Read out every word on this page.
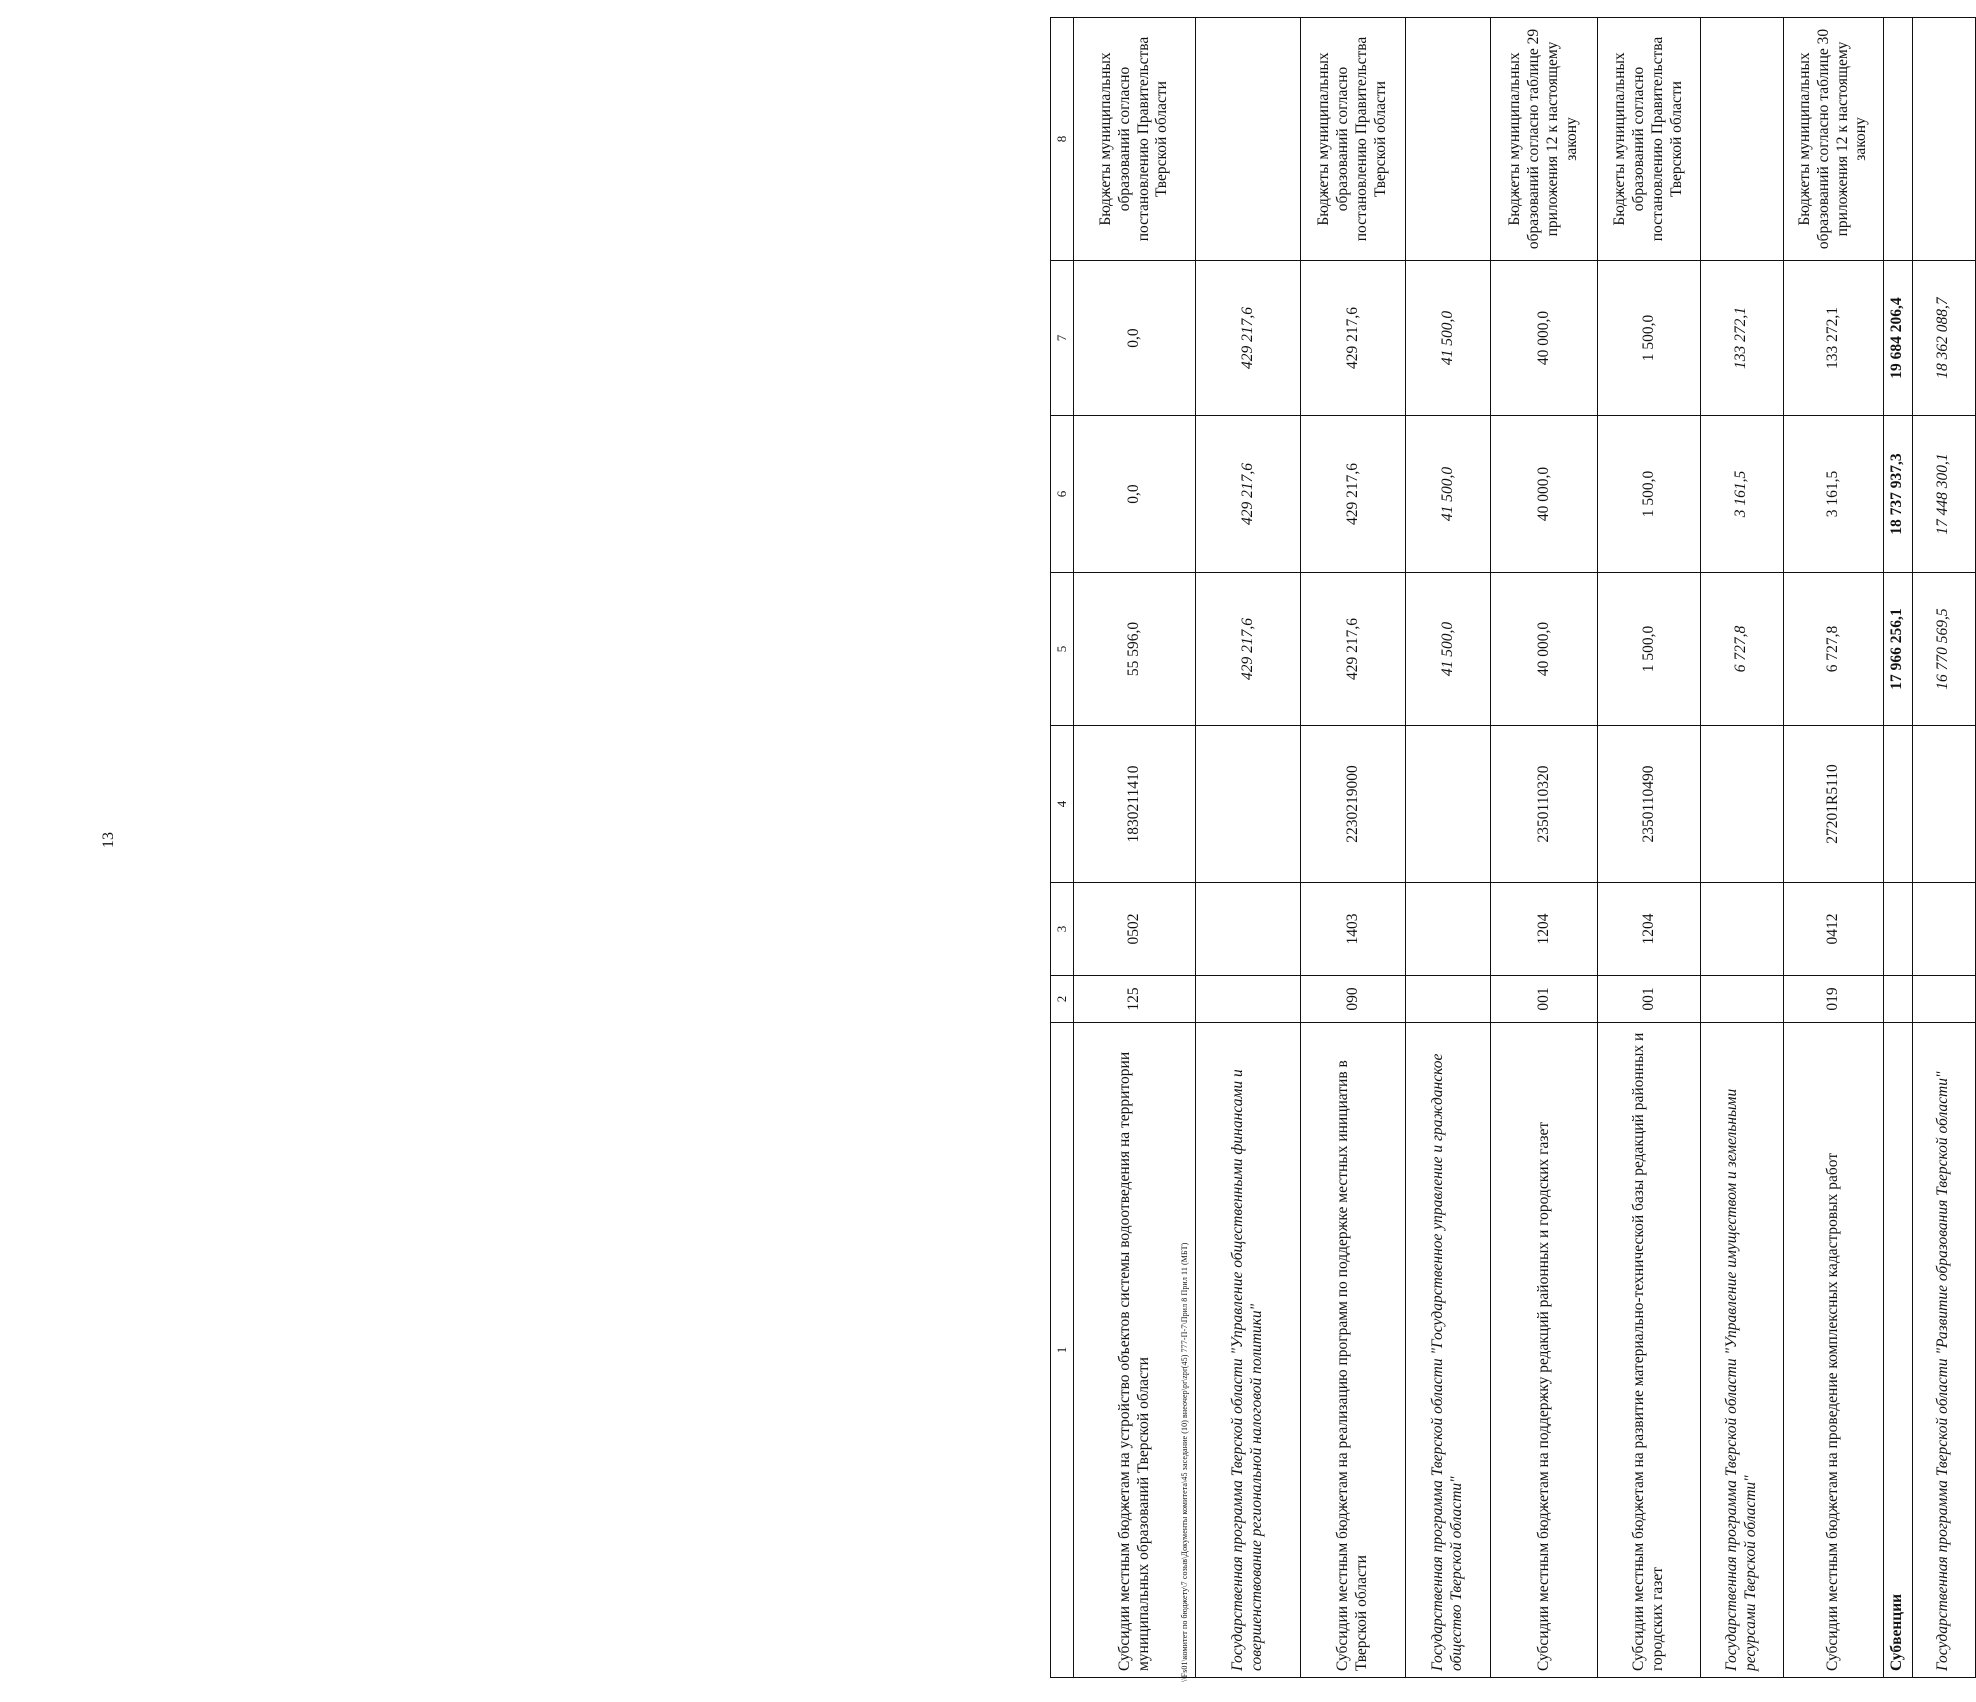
13
1	2	3	4	5	6	7	8
Субсидии местным бюджетам на устройство объектов системы водоотведения на территории муниципальных образований Тверской области	125	0502	1830211410	55 596,0	0,0	0,0	Бюджеты муниципальных образований согласно постановлению Правительства Тверской области
Государственная программа Тверской области "Управление общественными финансами и совершенствование региональной налоговой политики"				429 217,6	429 217,6	429 217,6	
Субсидии местным бюджетам на реализацию программ по поддержке местных инициатив в Тверской области	090	1403	2230219000	429 217,6	429 217,6	429 217,6	Бюджеты муниципальных образований согласно постановлению Правительства Тверской области
Государственная программа Тверской области "Государственное управление и гражданское общество Тверской области"				41 500,0	41 500,0	41 500,0	
Субсидии местным бюджетам на поддержку редакций районных и городских газет	001	1204	2350110320	40 000,0	40 000,0	40 000,0	Бюджеты муниципальных образований согласно таблице 29 приложения 12 к настоящему закону
Субсидии местным бюджетам на развитие материально-технической базы редакций районных и городских газет	001	1204	2350110490	1 500,0	1 500,0	1 500,0	Бюджеты муниципальных образований согласно постановлению Правительства Тверской области
Государственная программа Тверской области "Управление имуществом и земельными ресурсами Тверской области"				6 727,8	3 161,5	133 272,1	
Субсидии местным бюджетам на проведение комплексных кадастровых работ	019	0412	27201R5110	6 727,8	3 161,5	133 272,1	Бюджеты муниципальных образований согласно таблице 30 приложения 12 к настоящему закону
Субвенции				17 966 256,1	18 737 937,3	19 684 206,4	
Государственная программа Тверской области "Развитие образования Тверской области"				16 770 569,5	17 448 300,1	18 362 088,7	
\\Fs01\комитет по бюджету\7 созыв\Документы комитета\45 заседание (10) внеочер\pr\zpr(45) 777-П-7\Прил 8 Прил 11 (МБТ)
